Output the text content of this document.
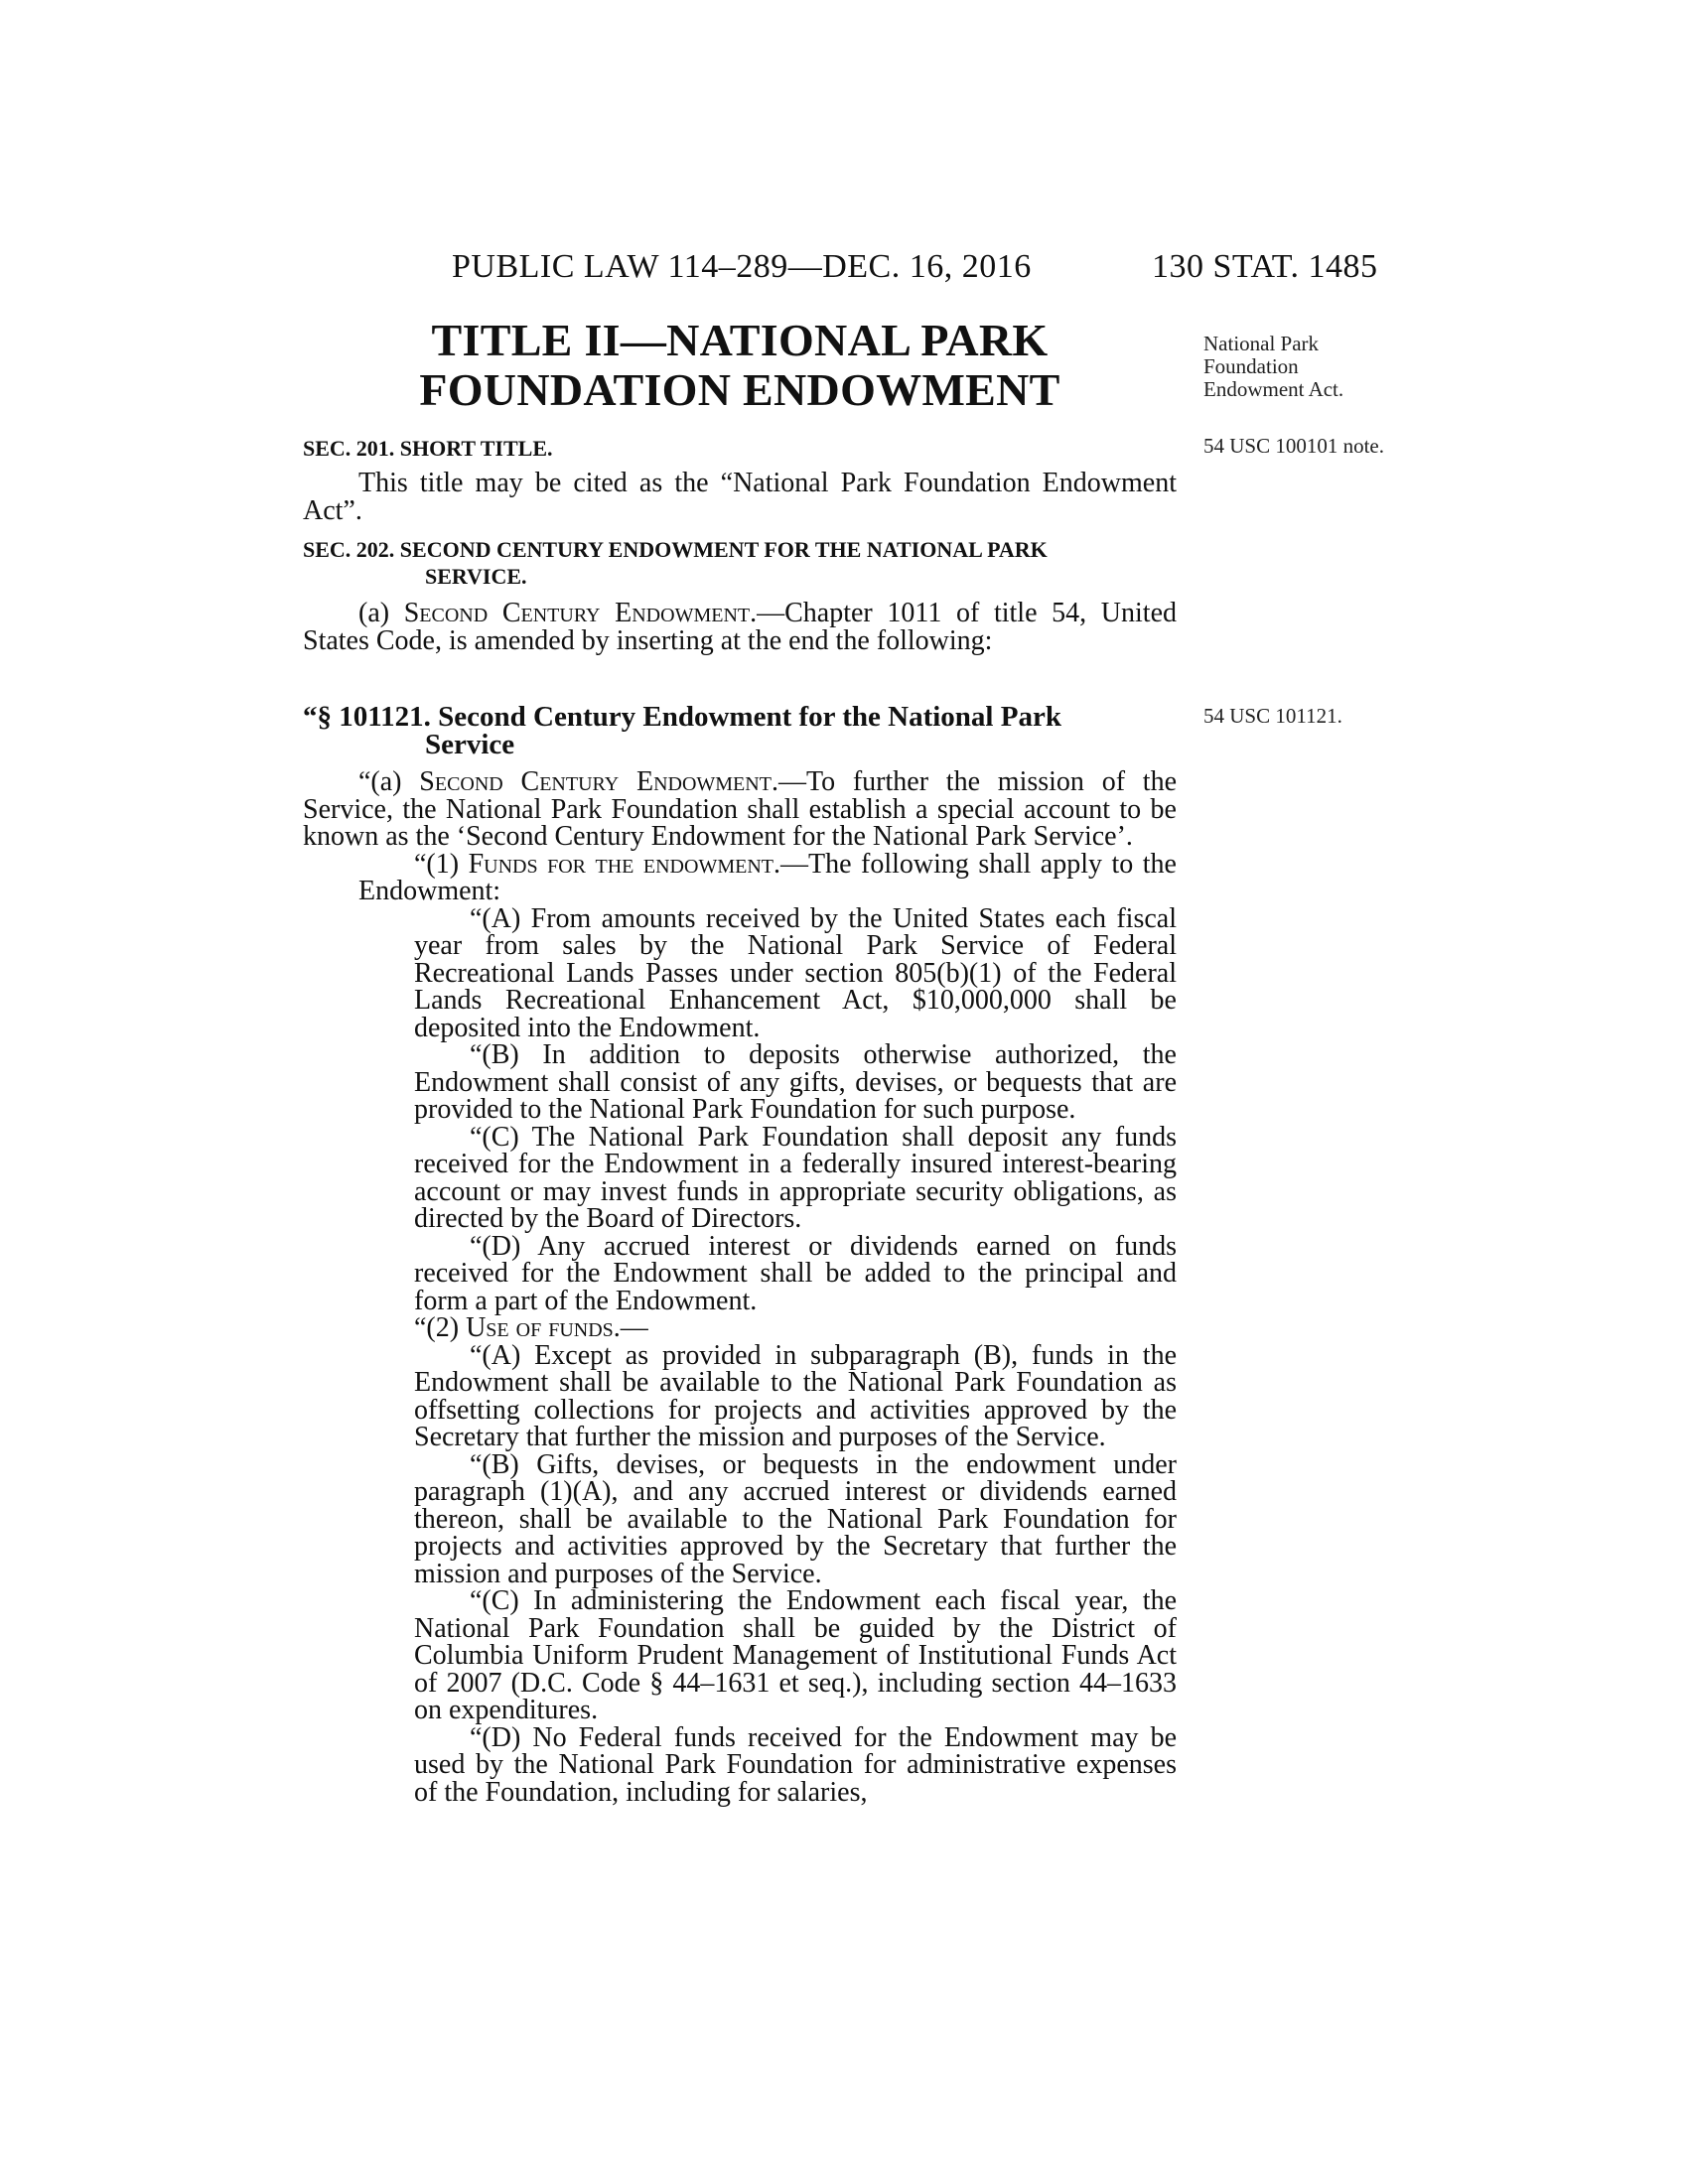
PUBLIC LAW 114–289—DEC. 16, 2016	130 STAT. 1485
TITLE II—NATIONAL PARK
FOUNDATION ENDOWMENT
National Park Foundation Endowment Act.
54 USC 100101 note.
54 USC 101121.

SEC. 201. SHORT TITLE.

This title may be cited as the “National Park Foundation Endowment Act”.

SEC. 202. SECOND CENTURY ENDOWMENT FOR THE NATIONAL PARK
SERVICE.

(a) Second Century Endowment.—Chapter 1011 of title 54, United States Code, is amended by inserting at the end the following:

“§ 101121. Second Century Endowment for the National Park
Service

“(a) Second Century Endowment.—To further the mission of the Service, the National Park Foundation shall establish a special account to be known as the ‘Second Century Endowment for the National Park Service’.

“(1) Funds for the endowment.—The following shall apply to the Endowment:

“(A) From amounts received by the United States each fiscal year from sales by the National Park Service of Federal Recreational Lands Passes under section 805(b)(1) of the Federal Lands Recreational Enhancement Act, $10,000,000 shall be deposited into the Endowment.

“(B) In addition to deposits otherwise authorized, the Endowment shall consist of any gifts, devises, or bequests that are provided to the National Park Foundation for such purpose.

“(C) The National Park Foundation shall deposit any funds received for the Endowment in a federally insured interest-bearing account or may invest funds in appropriate security obligations, as directed by the Board of Directors.

“(D) Any accrued interest or dividends earned on funds received for the Endowment shall be added to the principal and form a part of the Endowment.

“(2) Use of funds.—

“(A) Except as provided in subparagraph (B), funds in the Endowment shall be available to the National Park Foundation as offsetting collections for projects and activities approved by the Secretary that further the mission and purposes of the Service.

“(B) Gifts, devises, or bequests in the endowment under paragraph (1)(A), and any accrued interest or dividends earned thereon, shall be available to the National Park Foundation for projects and activities approved by the Secretary that further the mission and purposes of the Service.

“(C) In administering the Endowment each fiscal year, the National Park Foundation shall be guided by the District of Columbia Uniform Prudent Management of Institutional Funds Act of 2007 (D.C. Code § 44–1631 et seq.), including section 44–1633 on expenditures.

“(D) No Federal funds received for the Endowment may be used by the National Park Foundation for administrative expenses of the Foundation, including for salaries,
